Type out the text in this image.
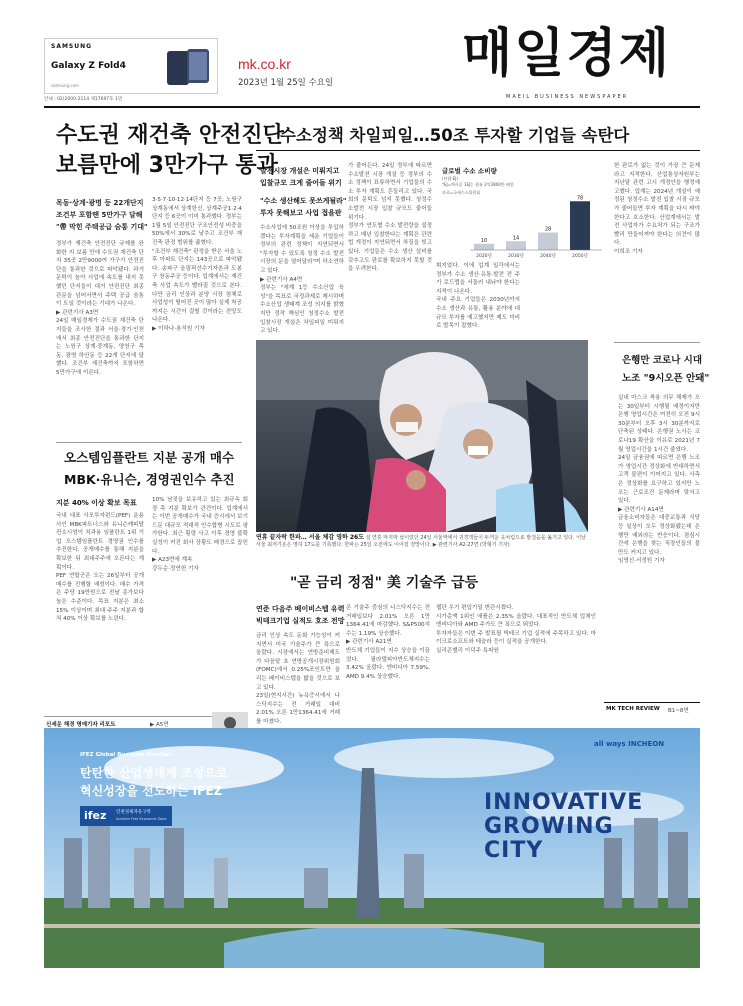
SAMSUNG
Galaxy Z Fold4
samsung.com
안내 : 02)2000-2114 제17697호 1면
mk.co.kr
2023년 1월 25일 수요일 매일경제
MAEIL BUSINESS NEWSPAPER
수도권 재건축 안전진단
보름만에 3만가구 통과
목동·상계·광명 등 22개단지
조건부 포함땐 5만가구 달해
"帶 막힌 주택공급 숨통 기대"
정부가 재건축 안전진단 규제를 완화한 지 보름 만에 수도권 재건축 단지 35곳 2만9000여 가구가 안전진단을 통과한 것으로 파악됐다. 과거 문턱이 높아 사업에 속도를 내지 못했던 단지들이 대거 안전진단 최종 관문을 넘어서면서 주택 공급 숨통이 트일 것이라는 기대가 나온다.
▶ 관련기사 A3면
24일 매일경제가 수도권 재건축 단지들을 조사한 결과 서울·경기·인천에서 최종 안전진단을 통과한 단지는 노원구 상계·중계동, 양천구 목동, 광명 하안동 등 22개 단지에 달했다. 조건부 재건축까지 포함하면 5만가구에 이른다.
3·5·7·10·12·14단지 등 7곳, 노원구 상계동에서 상계한신, 상계주공1·2·4단지 등 6곳이 이미 통과했다. 정부는 1월 5일 안전진단 구조안전성 비중을 50%에서 30%로 낮추고 조건부 재건축 판정 범위를 좁혔다.
"조건부 재건축" 판정을 받은 서울 노후 아파트 단지는 143곳으로 파악됐다. 송파구 올림픽선수기자촌과 도봉구 창동주공 등이다. 업계에서는 재건축 사업 속도가 빨라질 것으로 본다. 다만 금리 인상과 분양 시장 침체로 사업성이 떨어진 곳이 많아 실제 착공까지는 시간이 걸릴 것이라는 전망도 나온다.
▶ 이하나·용석원 기자
오스템임플란트 지분 공개 매수
MBK·유니슨, 경영권인수 추진
지분 40% 이상 확보 목표
국내 대표 사모투자펀드(PEF) 운용사인 MBK파트너스와 유니슨캐피탈 컨소시엄이 치과용 임플란트 1위 기업 오스템임플란트 경영권 인수를 추진한다. 공개매수를 통해 지분을 확보한 뒤 최대주주에 오른다는 계획이다.
PEF 연합군은 오는 26일부터 공개매수를 진행할 예정이다. 매수 가격은 주당 19만원으로 전날 종가보다 높은 수준이다. 목표 지분은 최소 15% 이상이며 최대 주주 지분과 합쳐 40% 이상 확보를 노린다.
10% 남짓을 보유하고 있는 최규옥 회장 측 지분 확보가 관건이다. 업계에서는 이번 공개매수가 국내 증시에서 보기 드문 대규모 적대적 인수합병 시도로 평가한다. 최근 횡령 사고 이후 경영 불확실성이 커진 회사 상황도 배경으로 꼽힌다.
▶ A23면에 계속
강두순·정연헌 기자
신세운 해경 명예기자 리포트	▶ A5면
수소정책 차일피일…50조 투자할 기업들 속탄다
발전시장 개설은 미뤄지고
입찰규모 크게 줄어들 위기
"수소 생산해도 못쓰게될라"
투자 못해보고 사업 접을판
수소사업에 50조원 이상을 투입하겠다는 투자계획을 세운 기업들이 정부의 관련 정책이 지연되면서 "투자할 수 있도록 청정 수소 발전 시장의 문을 열어달라"며 하소연하고 있다.
▶ 관련기사 A4면
정부는 "세계 1등 수소산업 육성"을 목표로 국정과제로 제시하며 수소산업 생태계 조성 의지를 밝혔지만 정작 핵심인 청정수소 발전 입찰시장 개설은 차일피일 미뤄지고 있다.
가 줄어든다. 24일 정부에 따르면 수소발전 시장 개설 등 정부의 수소 정책이 표류하면서 기업들의 수소 투자 계획도 흔들리고 있다. 국회의 문턱도 넘지 못했다. 청정수소발전 시장 입찰 규모도 줄어들 위기다.
정부가 연도별 수소 발전량을 설정하고 매년 입찰한다는 계획은 관련 법 개정이 지연되면서 차질을 빚고 있다. 기업들은 수소 생산 설비를 갖추고도 판로를 확보하지 못할 것을 우려한다.
휘지었다. 이에 업계 일각에서는 정부가 수소 생산·유통·발전 전 주기 로드맵을 서둘러 내놔야 한다는 지적이 나온다.
국내 주요 기업들은 2030년까지 수소 생산과 유통, 활용 분야에 대규모 투자를 예고했지만 제도 미비로 발목이 잡혔다.
한 판로가 없는 것이 가장 큰 문제라고 지적한다. 산업통상자원부는 지난달 관련 고시 개정안을 행정예고했다. 업계는 2024년 개설이 예정된 청정수소 발전 입찰 시장 규모가 줄어들면 투자 계획을 다시 짜야 한다고 호소한다. 산업계에서는 발전 사업자가 수요처가 되는 구조가 빨리 만들어져야 한다는 의견이 많다.
이희조 기자
글로벌 수소 소비량
(단위:EJ)
*EJ=엑사줄 1EJ는 원유 2억3800만 배럴
자료=국제수소위원회
10
2020년
14
2030년
28
2040년
78
2050년
연휴 끝자락 한파… 서울 체감 영하 26도 설 연휴 마지막 날이었던 24일 서울역에서 귀경객들이 두꺼운 옷차림으로 발걸음을 옮기고 있다. 이날 서울 최저기온은 영하 17도를 기록했다. 한파는 25일 오전에도 이어질 전망이다. ▶ 관련기사 A2·27면 (박형기 기자)
"곧 금리 정점" 美 기술주 급등
연준 다음주 베이비스텝 유력
빅테크기업 실적도 호조 전망
금리 인상 속도 둔화 가능성이 커지면서 미국 기술주가 큰 폭으로 올랐다. 시장에서는 연방준비제도가 다음달 초 연방공개시장위원회(FOMC)에서 0.25%포인트만 올리는 베이비스텝을 밟을 것으로 보고 있다.
23일(현지시간) 뉴욕증시에서 나스닥지수는 전 거래일 대비 2.01% 오른 1만1364.41에 거래를 마쳤다.
은 기술주 중심의 나스닥지수는 전 거래일보다 2.01% 오른 1만1364.41에 마감했다. S&P500지수는 1.19% 상승했다.
▶ 관련기사 A21면
반도체 기업들이 지수 상승을 이끌었다. 필라델피아반도체지수는 3.42% 올랐다. 엔비디아 7.59%, AMD 9.4% 상승했다.
웹단 우기 편입기일 변관시켰다.
시가총액 1위인 애플은 2.35% 올랐다. 대표적인 반도체 업체인 엔비디아와 AMD 주가도 큰 폭으로 뛰었다.
투자자들은 이번 주 발표될 빅테크 기업 실적에 주목하고 있다. 마이크로소프트와 테슬라 등이 실적을 공개한다.
실리콘밸리 이덕주 특파원
은행만 코로나 시대
노조 "9시오픈 안돼"
실내 마스크 착용 의무 해제가 오는 30일부터 시행될 예정이지만 은행 영업시간은 여전히 오전 9시 30분부터 오후 3시 30분까지로 단축된 상태다. 은행권 노사는 코로나19 확산을 이유로 2021년 7월 영업시간을 1시간 줄였다.
24일 금융권에 따르면 은행 노조가 영업시간 정상화에 반대하면서 고객 불편이 이어지고 있다. 사측은 정상화를 요구하고 있지만 노조는 근로조건 문제라며 맞서고 있다.
▶ 관련기사 A14면
금융소비자들은 대중교통과 식당 등 일상이 모두 정상화됐는데 은행만 예외라는 반응이다. 점심시간에 은행을 찾는 직장인들의 불만도 커지고 있다.
임영신·서정원 기자
MK TECH REVIEW B1~8면
IFEZ Global Business Frontier
탄탄한 산업생태계 조성으로
혁신성장을 선도하는 IFEZ
ifez 인천경제자유구역
Incheon Free Economic Zone
all ways INCHEON
INNOVATIVE
GROWING
CITY
